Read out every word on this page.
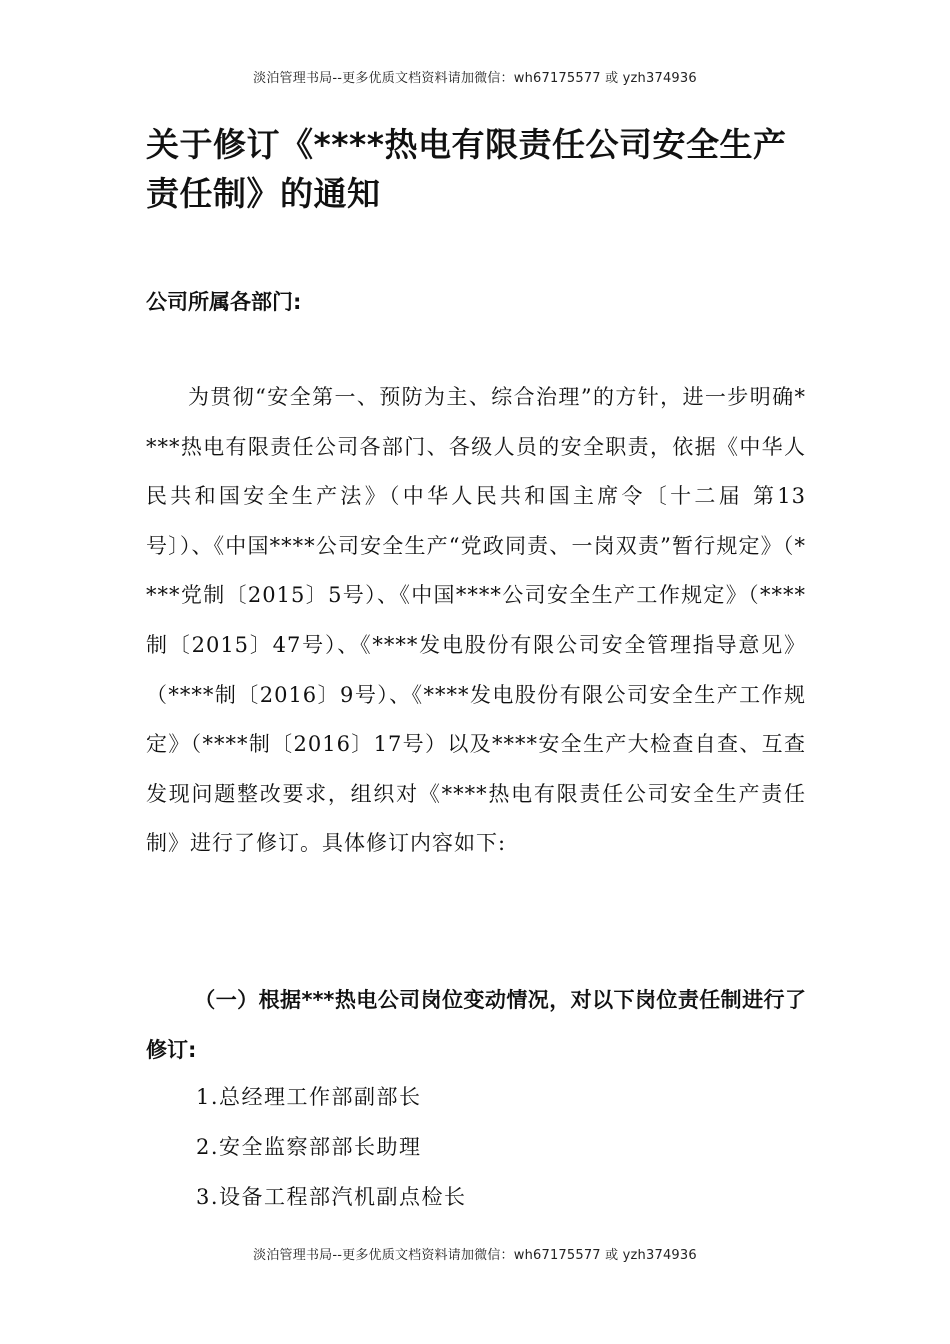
淡泊管理书局--更多优质文档资料请加微信：wh67175577 或 yzh374936
关于修订《****热电有限责任公司安全生产责任制》的通知

公司所属各部门:

为贯彻“安全第一、预防为主、综合治理”的方针，进一步明确****热电有限责任公司各部门、各级人员的安全职责，依据《中华人民共和国安全生产法》（中华人民共和国主席令〔十二届 第13号〕）、《中国****公司安全生产“党政同责、一岗双责”暂行规定》（****党制〔2015〕5号）、《中国****公司安全生产工作规定》（****制〔2015〕47号）、《****发电股份有限公司安全管理指导意见》（****制〔2016〕9号）、《****发电股份有限公司安全生产工作规定》（****制〔2016〕17号）以及****安全生产大检查自查、互查发现问题整改要求，组织对《****热电有限责任公司安全生产责任制》进行了修订。具体修订内容如下:

（一）根据***热电公司岗位变动情况，对以下岗位责任制进行了修订:

1.总经理工作部副部长
2.安全监察部部长助理
3.设备工程部汽机副点检长
淡泊管理书局--更多优质文档资料请加微信：wh67175577 或 yzh374936
